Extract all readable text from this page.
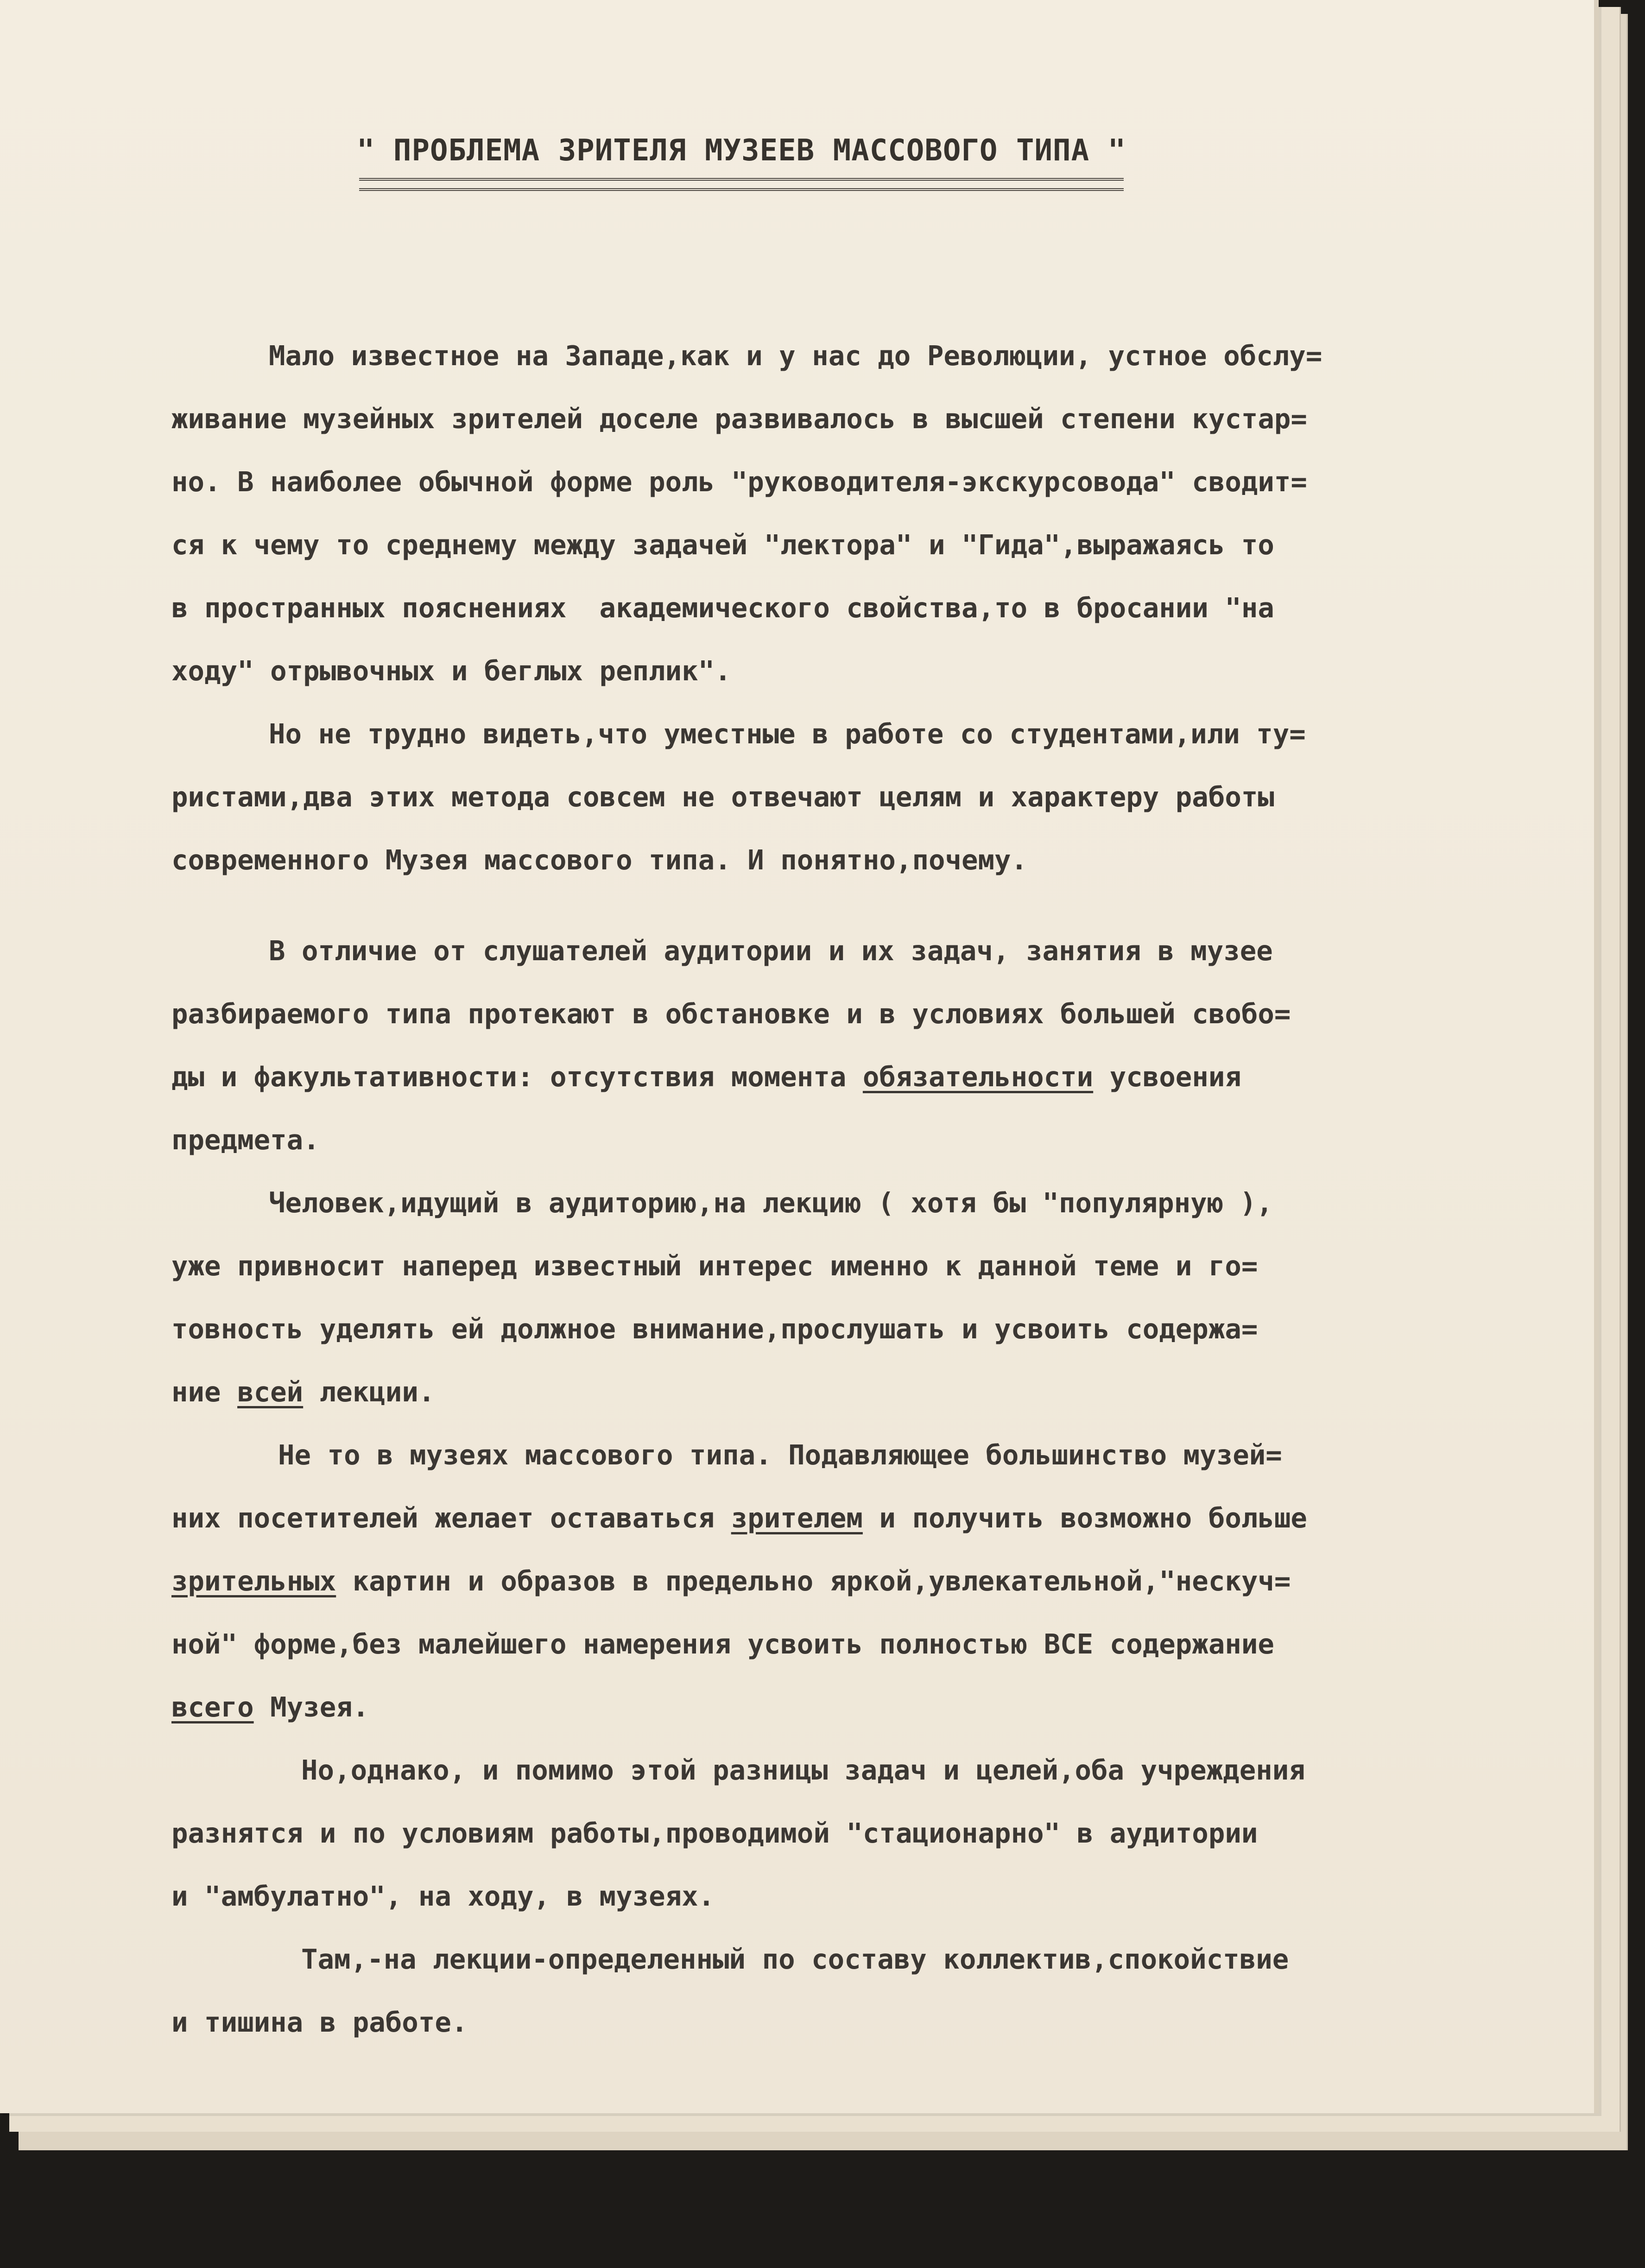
" ПРОБЛЕМА ЗРИТЕЛЯ МУЗЕЕВ МАССОВОГО ТИПА "
Мало известное на Западе,как и у нас до Революции, устное обслу=
живание музейных зрителей доселе развивалось в высшей степени кустар=
но. В наиболее обычной форме роль "руководителя-экскурсовода" сводит=
ся к чему то среднему между задачей "лектора" и "Гида",выражаясь то
в пространных пояснениях  академического свойства,то в бросании "на
ходу" отрывочных и беглых реплик".
Но не трудно видеть,что уместные в работе со студентами,или ту=
ристами,два этих метода совсем не отвечают целям и характеру работы
современного Музея массового типа. И понятно,почему.
В отличие от слушателей аудитории и их задач, занятия в музее
разбираемого типа протекают в обстановке и в условиях большей свобо=
ды и факультативности: отсутствия момента обязательности усвоения
предмета.
Человек,идущий в аудиторию,на лекцию ( хотя бы "популярную ),
уже привносит наперед известный интерес именно к данной теме и го=
товность уделять ей должное внимание,прослушать и усвоить содержа=
ние всей лекции.
Не то в музеях массового типа. Подавляющее большинство музей=
них посетителей желает оставаться зрителем и получить возможно больше
зрительных картин и образов в предельно яркой,увлекательной,"нескуч=
ной" форме,без малейшего намерения усвоить полностью ВСЕ содержание
всего Музея.
Но,однако, и помимо этой разницы задач и целей,оба учреждения
разнятся и по условиям работы,проводимой "стационарно" в аудитории
и "амбулатно", на ходу, в музеях.
Там,-на лекции-определенный по составу коллектив,спокойствие
и тишина в работе.
